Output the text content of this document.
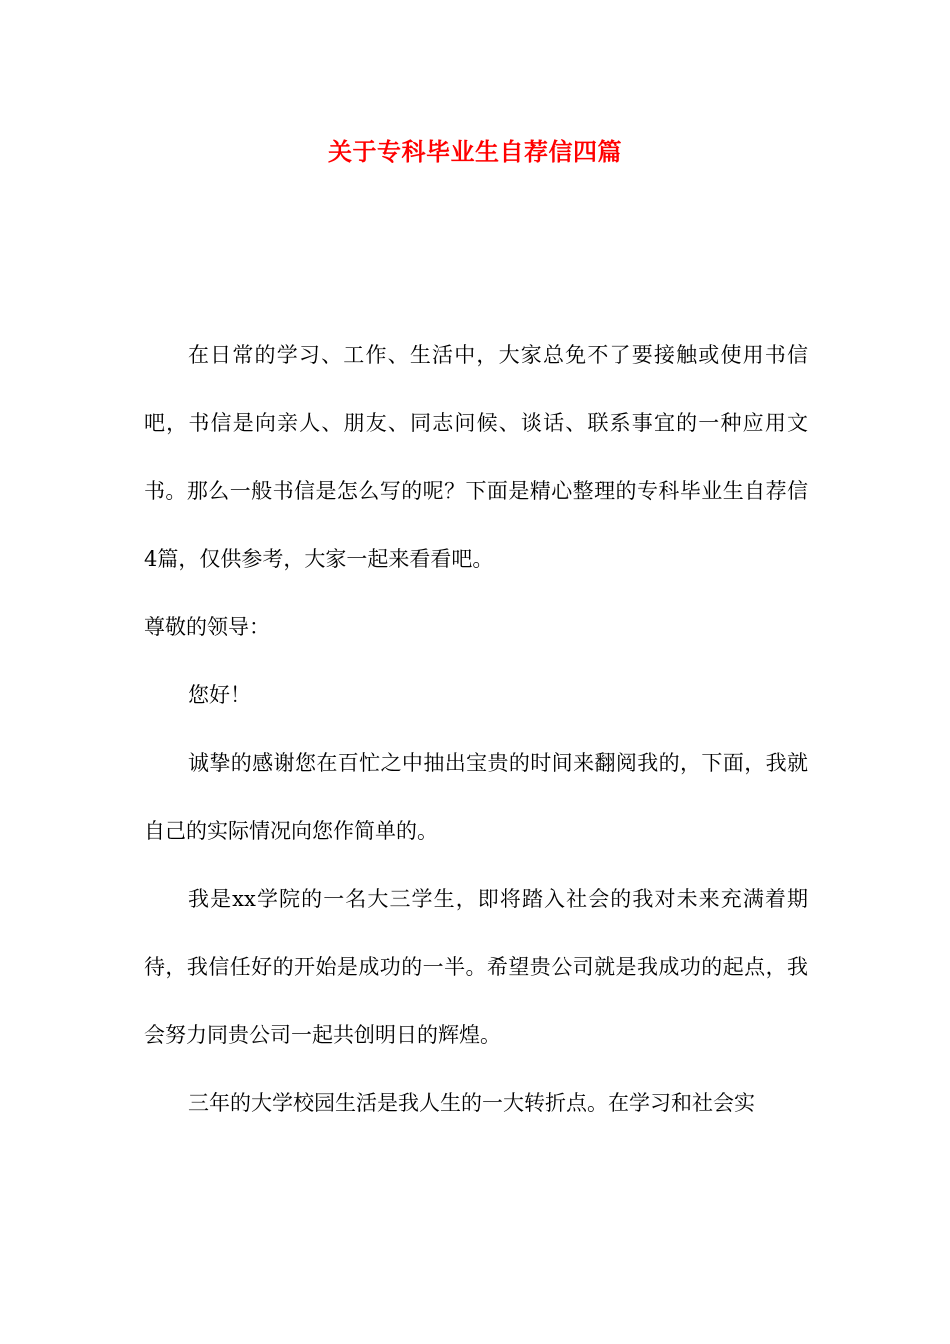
关于专科毕业生自荐信四篇

在日常的学习、工作、生活中，大家总免不了要接触或使用书信吧，书信是向亲人、朋友、同志问候、谈话、联系事宜的一种应用文书。那么一般书信是怎么写的呢？下面是精心整理的专科毕业生自荐信4篇，仅供参考，大家一起来看看吧。

尊敬的领导：

您好！

诚挚的感谢您在百忙之中抽出宝贵的时间来翻阅我的，下面，我就自己的实际情况向您作简单的。

我是xx学院的一名大三学生，即将踏入社会的我对未来充满着期待，我信任好的开始是成功的一半。希望贵公司就是我成功的起点，我会努力同贵公司一起共创明日的辉煌。

三年的大学校园生活是我人生的一大转折点。在学习和社会实
